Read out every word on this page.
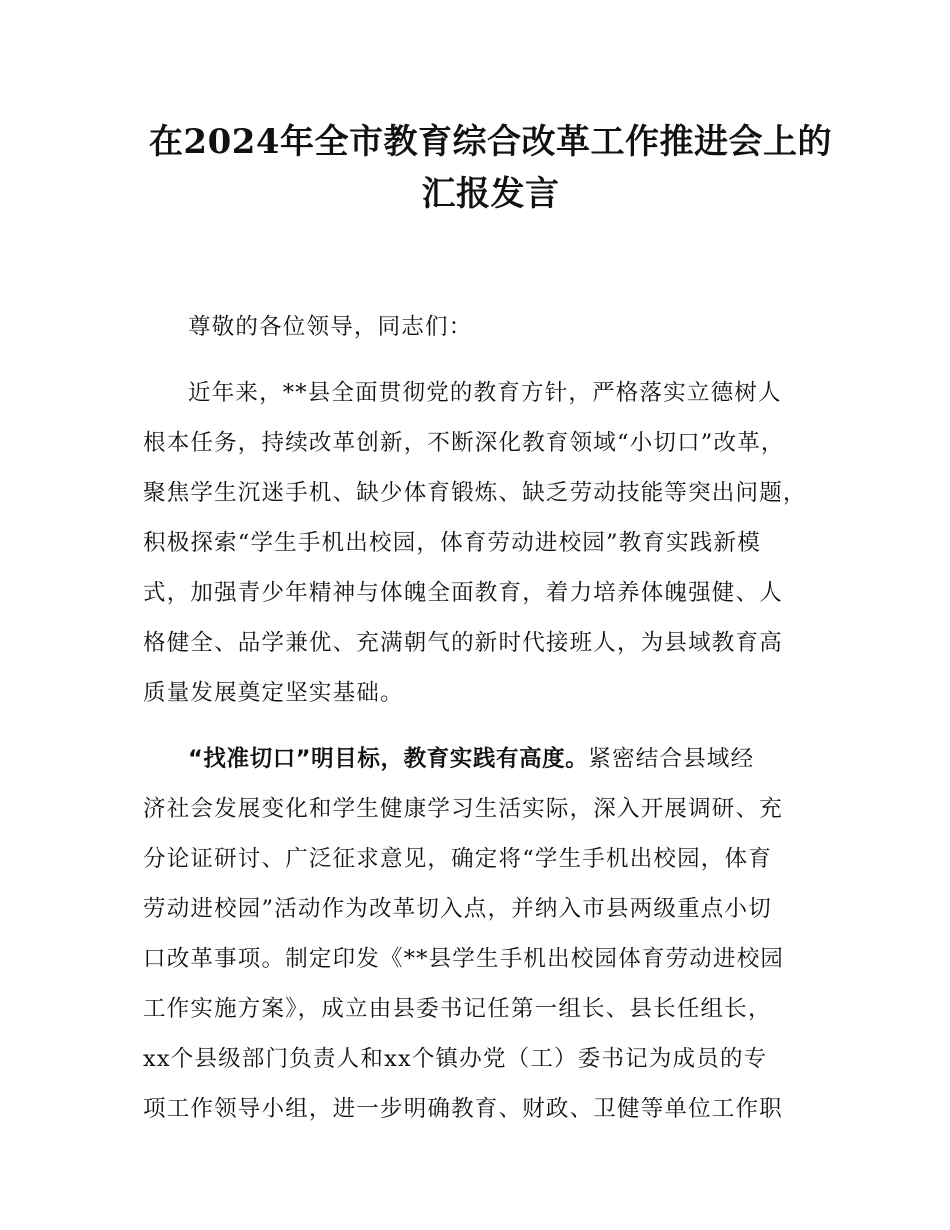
在2024年全市教育综合改革工作推进会上的
汇报发言

尊敬的各位领导，同志们：

近年来，**县全面贯彻党的教育方针，严格落实立德树人
根本任务，持续改革创新，不断深化教育领域“小切口”改革，
聚焦学生沉迷手机、缺少体育锻炼、缺乏劳动技能等突出问题，
积极探索“学生手机出校园，体育劳动进校园”教育实践新模
式，加强青少年精神与体魄全面教育，着力培养体魄强健、人
格健全、品学兼优、充满朝气的新时代接班人，为县域教育高
质量发展奠定坚实基础。

“找准切口”明目标，教育实践有高度。紧密结合县域经
济社会发展变化和学生健康学习生活实际，深入开展调研、充
分论证研讨、广泛征求意见，确定将“学生手机出校园，体育
劳动进校园”活动作为改革切入点，并纳入市县两级重点小切
口改革事项。制定印发《**县学生手机出校园体育劳动进校园
工作实施方案》，成立由县委书记任第一组长、县长任组长，
xx个县级部门负责人和xx个镇办党（工）委书记为成员的专
项工作领导小组，进一步明确教育、财政、卫健等单位工作职
